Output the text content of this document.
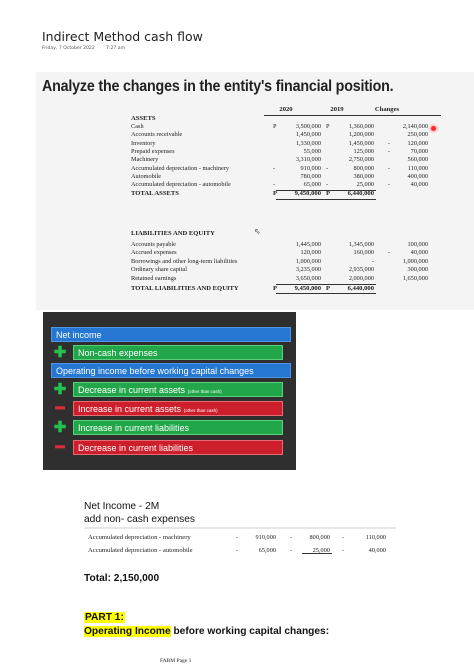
Indirect Method cash flow
Friday, 7 October 2022 7:27 am
Analyze the changes in the entity's financial position.
2020	2019	Changes
ASSETS
Cash	P	3,500,000 P	1,360,000	2,140,000
Accounts receivable	1,450,000	1,200,000	250,000
Inventory	1,330,000	1,450,000 -	120,000
Prepaid expenses	55,000	125,000 -	70,000
Machinery	3,310,000	2,750,000	560,000
Accumulated depreciation - machinery	-	910,000 -	800,000 -	110,000
Automobile	780,000	380,000	400,000
Accumulated depreciation - automobile	-	65,000 -	25,000 -	40,000
TOTAL ASSETS	P	9,450,000 P	6,440,000
LIABILITIES AND EQUITY	⇖
Accounts payable	1,445,000	1,345,000	100,000
Accrued expenses	120,000	160,000 -	40,000
Borrowings and other long-term liabilities	1,000,000	-	1,000,000
Ordinary share capital	3,235,000	2,935,000	300,000
Retained earnings	3,650,000	2,000,000	1,650,000
TOTAL LIABILITIES AND EQUITY	P	9,450,000 P	6,440,000
Net income
✚	Non-cash expenses
Operating income before working capital changes
✚	Decrease in current assets (other than cash)
━	Increase in current assets (other than cash)
✚	Increase in current liabilities
━	Decrease in current liabilities
Net Income - 2M
add non- cash expenses
Accumulated depreciation - machinery	-	910,000 -	800,000 -	110,000
Accumulated depreciation - automobile	-	65,000 -	25,000 -	40,000
Total: 2,150,000
PART 1:
Operating Income before working capital changes:
FABM Page 1
